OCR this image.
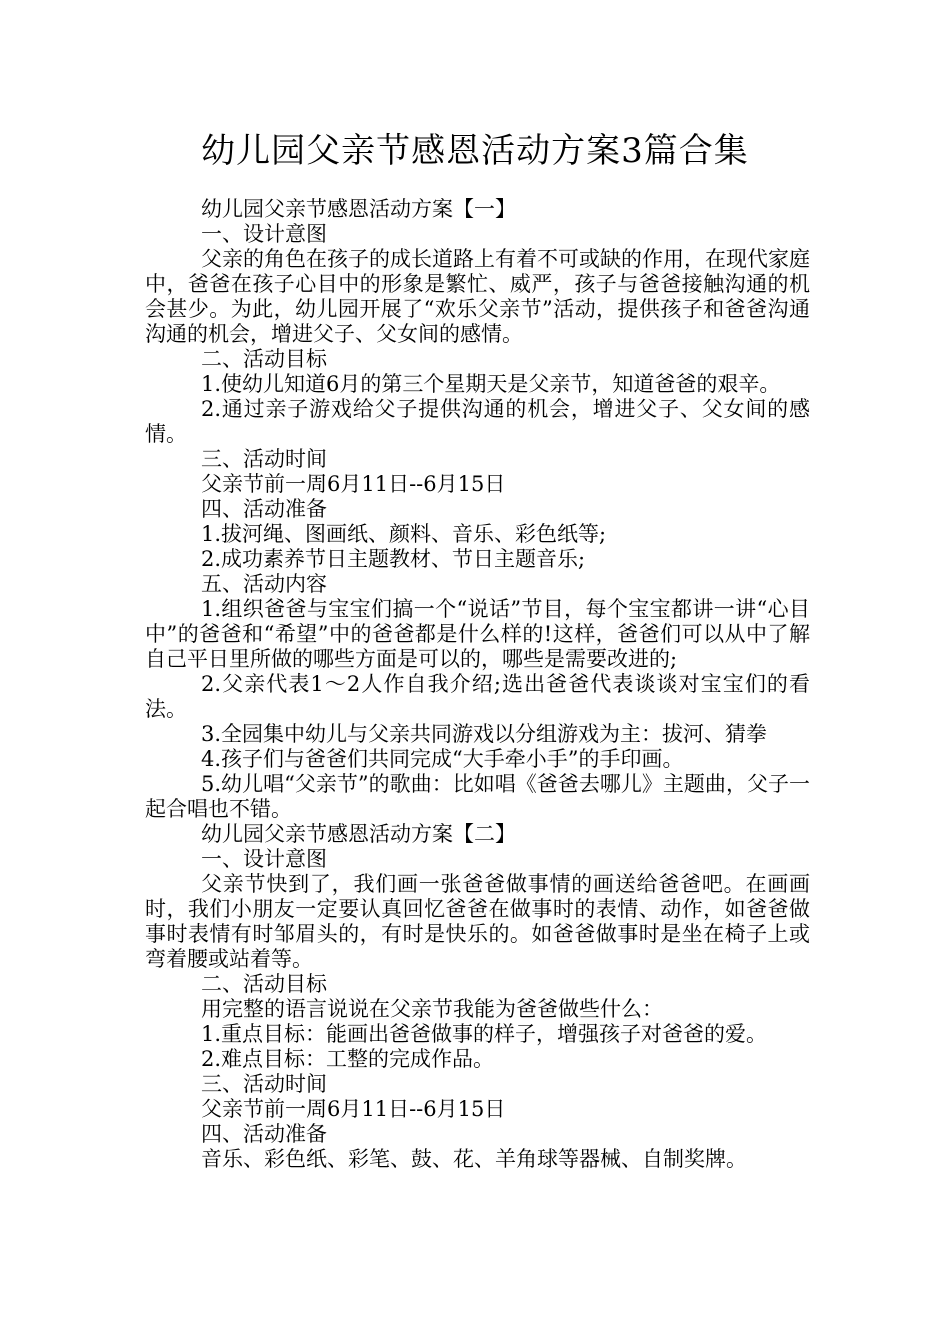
幼儿园父亲节感恩活动方案3篇合集

幼儿园父亲节感恩活动方案【一】

一、设计意图

父亲的角色在孩子的成长道路上有着不可或缺的作用，在现代家庭中，爸爸在孩子心目中的形象是繁忙、威严，孩子与爸爸接触沟通的机会甚少。为此，幼儿园开展了“欢乐父亲节”活动，提供孩子和爸爸沟通沟通的机会，增进父子、父女间的感情。

二、活动目标

1.使幼儿知道6月的第三个星期天是父亲节，知道爸爸的艰辛。

2.通过亲子游戏给父子提供沟通的机会，增进父子、父女间的感情。

三、活动时间

父亲节前一周6月11日--6月15日

四、活动准备

1.拔河绳、图画纸、颜料、音乐、彩色纸等;

2.成功素养节日主题教材、节日主题音乐;

五、活动内容

1.组织爸爸与宝宝们搞一个“说话”节目，每个宝宝都讲一讲“心目中”的爸爸和“希望”中的爸爸都是什么样的!这样，爸爸们可以从中了解自己平日里所做的哪些方面是可以的，哪些是需要改进的;

2.父亲代表1～2人作自我介绍;选出爸爸代表谈谈对宝宝们的看法。

3.全园集中幼儿与父亲共同游戏以分组游戏为主：拔河、猜拳

4.孩子们与爸爸们共同完成“大手牵小手”的手印画。

5.幼儿唱“父亲节”的歌曲：比如唱《爸爸去哪儿》主题曲，父子一起合唱也不错。

幼儿园父亲节感恩活动方案【二】

一、设计意图

父亲节快到了，我们画一张爸爸做事情的画送给爸爸吧。在画画时，我们小朋友一定要认真回忆爸爸在做事时的表情、动作，如爸爸做事时表情有时邹眉头的，有时是快乐的。如爸爸做事时是坐在椅子上或弯着腰或站着等。

二、活动目标

用完整的语言说说在父亲节我能为爸爸做些什么：

1.重点目标：能画出爸爸做事的样子，增强孩子对爸爸的爱。

2.难点目标：工整的完成作品。

三、活动时间

父亲节前一周6月11日--6月15日

四、活动准备

音乐、彩色纸、彩笔、鼓、花、羊角球等器械、自制奖牌。
